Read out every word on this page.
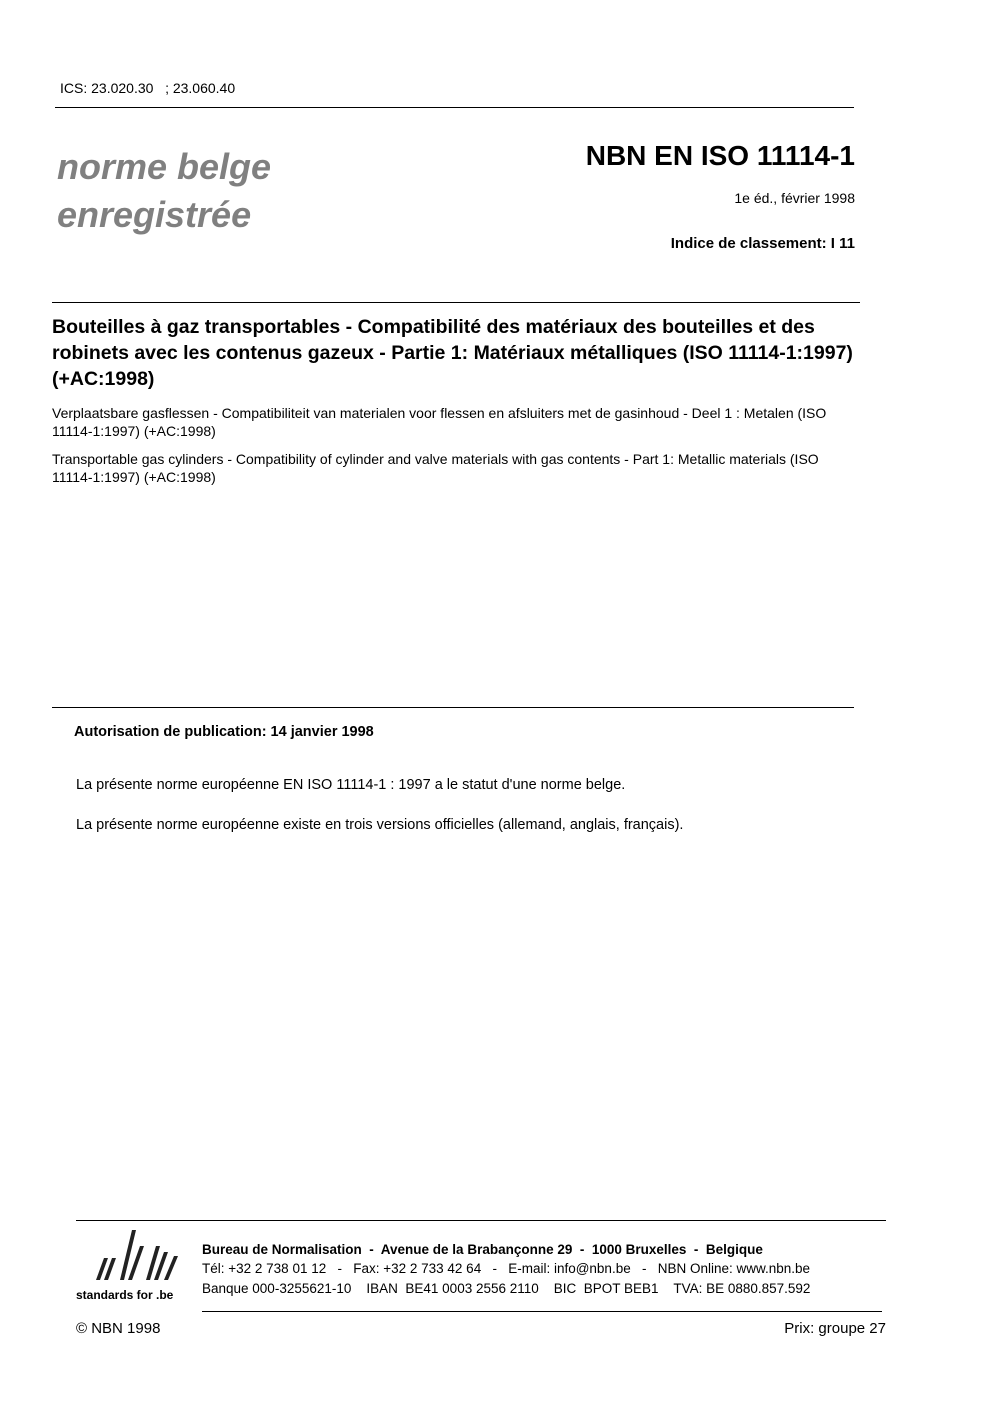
ICS: 23.020.30   ; 23.060.40
norme belge
enregistrée
NBN EN ISO 11114-1
1e éd., février 1998
Indice de classement: I 11
Bouteilles à gaz transportables - Compatibilité des matériaux des bouteilles et des robinets avec les contenus gazeux - Partie 1: Matériaux métalliques (ISO 11114-1:1997) (+AC:1998)
Verplaatsbare gasflessen - Compatibiliteit van materialen voor flessen en afsluiters met de gasinhoud - Deel 1 : Metalen (ISO 11114-1:1997) (+AC:1998)
Transportable gas cylinders - Compatibility of cylinder and valve materials with gas contents - Part 1: Metallic materials (ISO 11114-1:1997) (+AC:1998)
Autorisation de publication: 14 janvier 1998
La présente norme européenne EN ISO 11114-1 : 1997 a le statut d'une norme belge.
La présente norme européenne existe en trois versions officielles (allemand, anglais, français).
standards for .be
Bureau de Normalisation  -  Avenue de la Brabançonne 29  -  1000 Bruxelles  -  Belgique
Tél: +32 2 738 01 12   -   Fax: +32 2 733 42 64   -   E-mail: info@nbn.be   -   NBN Online: www.nbn.be
Banque 000-3255621-10    IBAN  BE41 0003 2556 2110    BIC  BPOT BEB1    TVA: BE 0880.857.592
© NBN 1998	Prix: groupe 27
